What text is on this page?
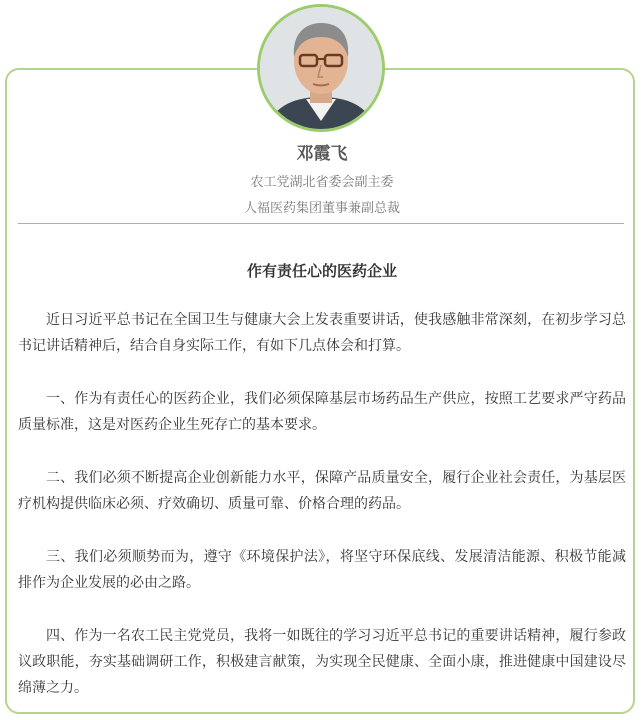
邓霞飞
农工党湖北省委会副主委
人福医药集团董事兼副总裁
作有责任心的医药企业

近日习近平总书记在全国卫生与健康大会上发表重要讲话，使我感触非常深刻，在初步学习总书记讲话精神后，结合自身实际工作，有如下几点体会和打算。

一、作为有责任心的医药企业，我们必须保障基层市场药品生产供应，按照工艺要求严守药品质量标准，这是对医药企业生死存亡的基本要求。

二、我们必须不断提高企业创新能力水平，保障产品质量安全，履行企业社会责任，为基层医疗机构提供临床必须、疗效确切、质量可靠、价格合理的药品。

三、我们必须顺势而为，遵守《环境保护法》，将坚守环保底线、发展清洁能源、积极节能减排作为企业发展的必由之路。

四、作为一名农工民主党党员，我将一如既往的学习习近平总书记的重要讲话精神，履行参政议政职能，夯实基础调研工作，积极建言献策，为实现全民健康、全面小康，推进健康中国建设尽绵薄之力。
